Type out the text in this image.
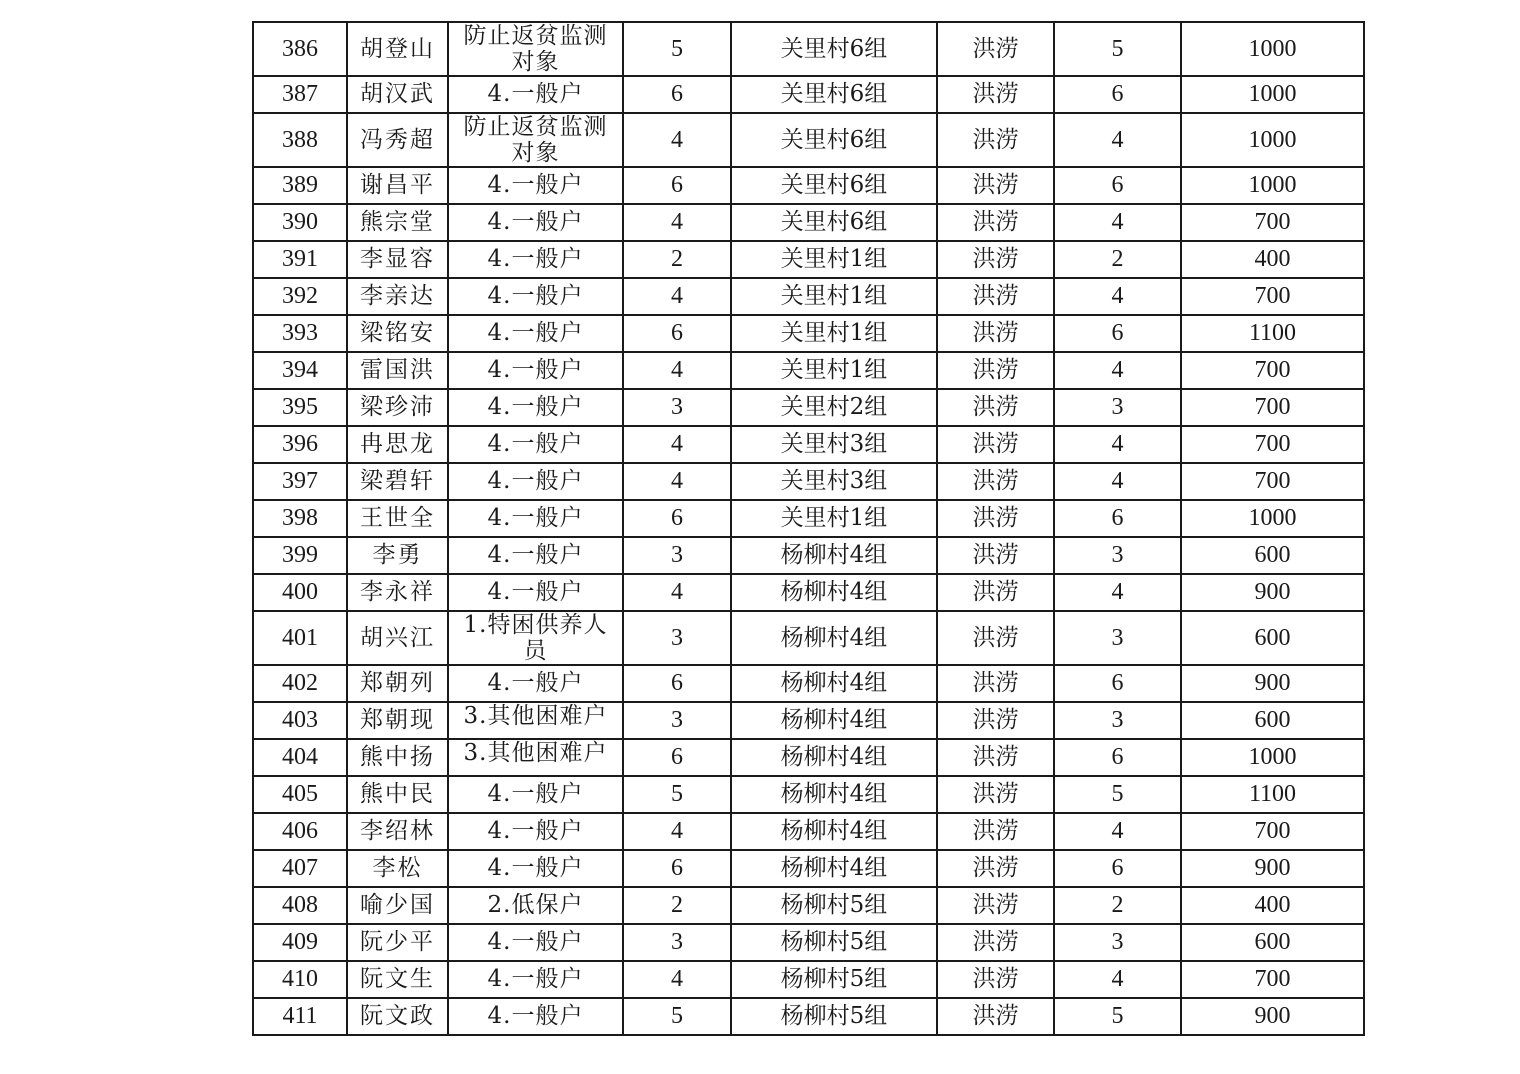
386	胡登山	防止返贫监测对象	5	关里村6组	洪涝	5	1000
387	胡汉武	4.一般户	6	关里村6组	洪涝	6	1000
388	冯秀超	防止返贫监测对象	4	关里村6组	洪涝	4	1000
389	谢昌平	4.一般户	6	关里村6组	洪涝	6	1000
390	熊宗堂	4.一般户	4	关里村6组	洪涝	4	700
391	李显容	4.一般户	2	关里村1组	洪涝	2	400
392	李亲达	4.一般户	4	关里村1组	洪涝	4	700
393	梁铭安	4.一般户	6	关里村1组	洪涝	6	1100
394	雷国洪	4.一般户	4	关里村1组	洪涝	4	700
395	梁珍沛	4.一般户	3	关里村2组	洪涝	3	700
396	冉思龙	4.一般户	4	关里村3组	洪涝	4	700
397	梁碧轩	4.一般户	4	关里村3组	洪涝	4	700
398	王世全	4.一般户	6	关里村1组	洪涝	6	1000
399	李勇	4.一般户	3	杨柳村4组	洪涝	3	600
400	李永祥	4.一般户	4	杨柳村4组	洪涝	4	900
401	胡兴江	1.特困供养人员	3	杨柳村4组	洪涝	3	600
402	郑朝列	4.一般户	6	杨柳村4组	洪涝	6	900
403	郑朝现	3.其他困难户	3	杨柳村4组	洪涝	3	600
404	熊中扬	3.其他困难户	6	杨柳村4组	洪涝	6	1000
405	熊中民	4.一般户	5	杨柳村4组	洪涝	5	1100
406	李绍林	4.一般户	4	杨柳村4组	洪涝	4	700
407	李松	4.一般户	6	杨柳村4组	洪涝	6	900
408	喻少国	2.低保户	2	杨柳村5组	洪涝	2	400
409	阮少平	4.一般户	3	杨柳村5组	洪涝	3	600
410	阮文生	4.一般户	4	杨柳村5组	洪涝	4	700
411	阮文政	4.一般户	5	杨柳村5组	洪涝	5	900
